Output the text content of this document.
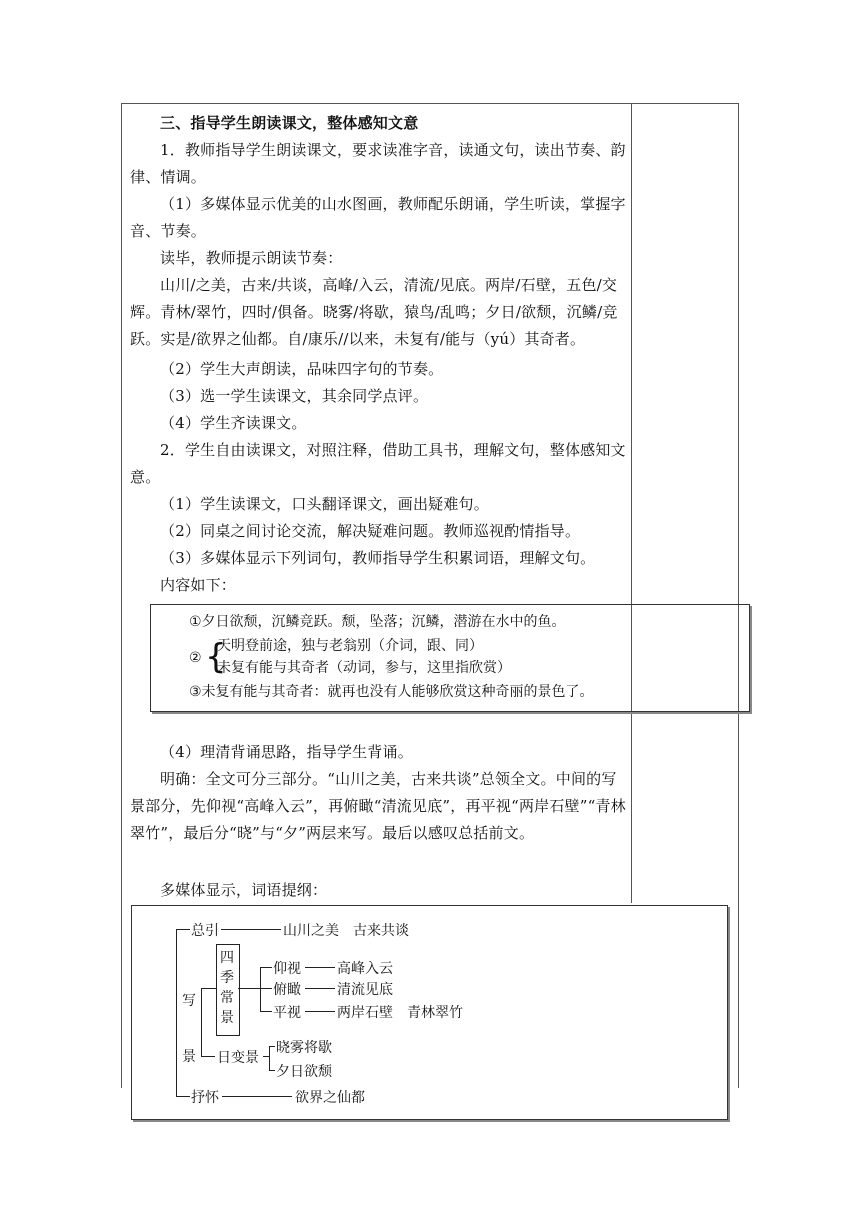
三、指导学生朗读课文，整体感知文意
1．教师指导学生朗读课文，要求读准字音，读通文句，读出节奏、韵律、情调。
（1）多媒体显示优美的山水图画，教师配乐朗诵，学生听读，掌握字音、节奏。
读毕，教师提示朗读节奏：
山川/之美，古来/共谈，高峰/入云，清流/见底。两岸/石壁，五色/交辉。青林/翠竹，四时/俱备。晓雾/将歇，猿鸟/乱鸣；夕日/欲颓，沉鳞/竞跃。实是/欲界之仙都。自/康乐//以来，未复有/能与（yú）其奇者。
（2）学生大声朗读，品味四字句的节奏。
（3）选一学生读课文，其余同学点评。
（4）学生齐读课文。
2．学生自由读课文，对照注释，借助工具书，理解文句，整体感知文意。
（1）学生读课文，口头翻译课文，画出疑难句。
（2）同桌之间讨论交流，解决疑难问题。教师巡视酌情指导。
（3）多媒体显示下列词句，教师指导学生积累词语，理解文句。
内容如下：
①夕日欲颓，沉鳞竞跃。颓，坠落；沉鳞，潜游在水中的鱼。
② {
天明登前途，独与老翁别（介词，跟、同）
未复有能与其奇者（动词，参与，这里指欣赏）
③未复有能与其奇者：就再也没有人能够欣赏这种奇丽的景色了。
（4）理清背诵思路，指导学生背诵。
明确：全文可分三部分。“山川之美，古来共谈”总领全文。中间的写景部分，先仰视“高峰入云”，再俯瞰“清流见底”，再平视“两岸石壁”“青林翠竹”，最后分“晓”与“夕”两层来写。最后以感叹总括前文。
多媒体显示，词语提纲：
总引	山川之美　古来共谈
写
景
四
季
常
景
仰视	高峰入云
俯瞰	清流见底
平视	两岸石壁　青林翠竹
日变景
晓雾将歇
夕日欲颓
抒怀	欲界之仙都
